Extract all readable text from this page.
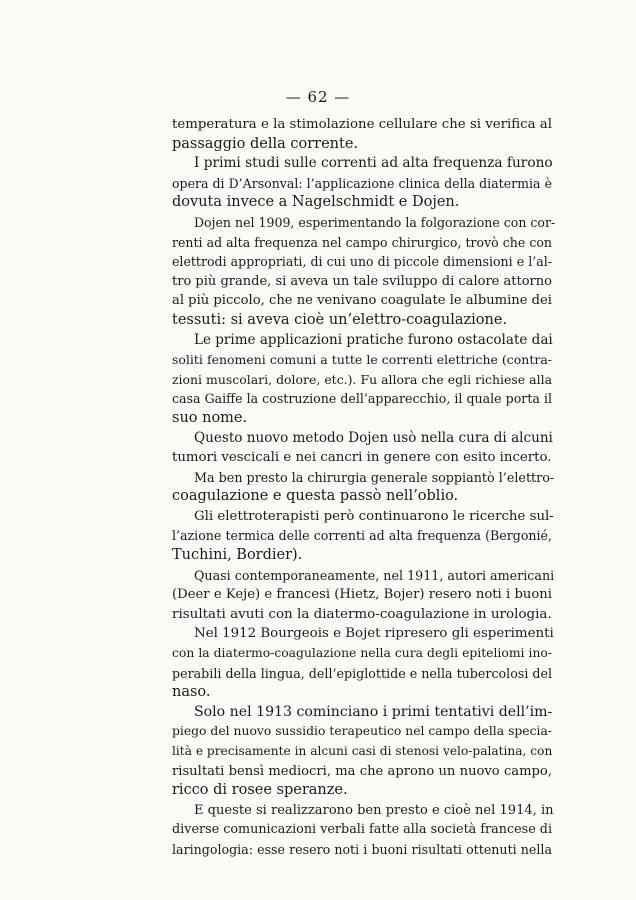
— 62 —
temperatura e la stimolazione cellulare che si verifica al
passaggio della corrente.
I primi studi sulle correnti ad alta frequenza furono
opera di D’Arsonval: l’applicazione clinica della diatermia è
dovuta invece a Nagelschmidt e Dojen.
Dojen nel 1909, esperimentando la folgorazione con cor-
renti ad alta frequenza nel campo chirurgico, trovò che con
elettrodi appropriati, di cui uno di piccole dimensioni e l’al-
tro più grande, si aveva un tale sviluppo di calore attorno
al più piccolo, che ne venivano coagulate le albumine dei
tessuti: si aveva cioè un’elettro-coagulazione.
Le prime applicazioni pratiche furono ostacolate dai
soliti fenomeni comuni a tutte le correnti elettriche (contra-
zioni muscolari, dolore, etc.). Fu allora che egli richiese alla
casa Gaiffe la costruzione dell’apparecchio, il quale porta il
suo nome.
Questo nuovo metodo Dojen usò nella cura di alcuni
tumori vescicali e nei cancri in genere con esito incerto.
Ma ben presto la chirurgia generale soppiantò l’elettro-
coagulazione e questa passò nell’oblio.
Gli elettroterapisti però continuarono le ricerche sul-
l’azione termica delle correnti ad alta frequenza (Bergonié,
Tuchini, Bordier).
Quasi contemporaneamente, nel 1911, autori americani
(Deer e Keje) e francesi (Hietz, Bojer) resero noti i buoni
risultati avuti con la diatermo-coagulazione in urologia.
Nel 1912 Bourgeois e Bojet ripresero gli esperimenti
con la diatermo-coagulazione nella cura degli epiteliomi ino-
perabili della lingua, dell’epiglottide e nella tubercolosi del
naso.
Solo nel 1913 cominciano i primi tentativi dell’im-
piego del nuovo sussidio terapeutico nel campo della specia-
lità e precisamente in alcuni casi di stenosi velo-palatina, con
risultati bensì mediocri, ma che aprono un nuovo campo,
ricco di rosee speranze.
E queste si realizzarono ben presto e cioè nel 1914, in
diverse comunicazioni verbali fatte alla società francese di
laringologia: esse resero noti i buoni risultati ottenuti nella
